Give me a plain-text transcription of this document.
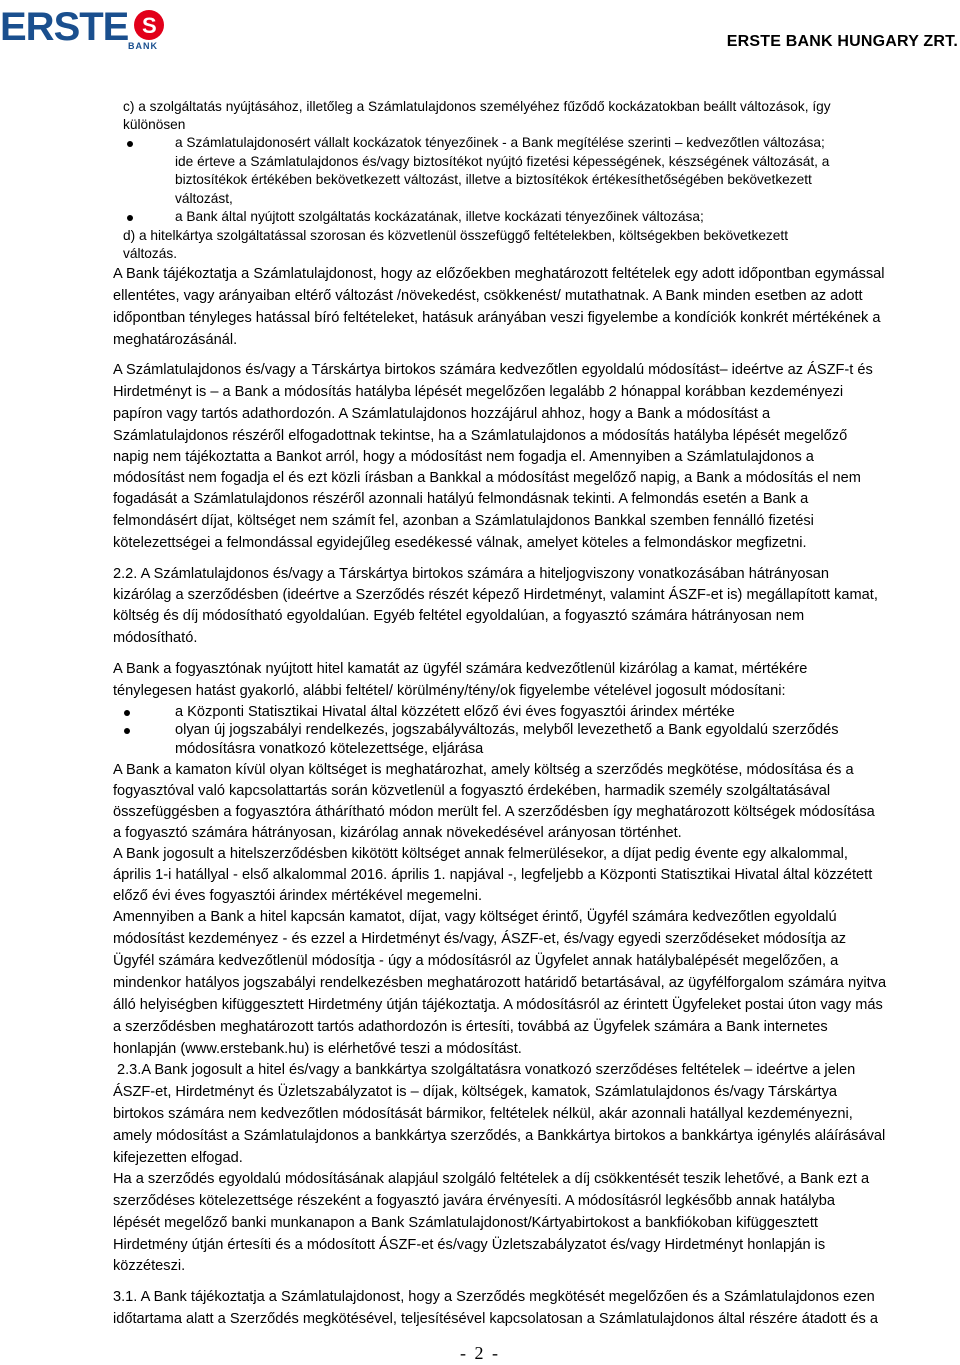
ERSTE S
BANK	ERSTE BANK HUNGARY ZRT.

c) a szolgáltatás nyújtásához, illetőleg a Számlatulajdonos személyéhez fűződő kockázatokban beállt változások, így

különösen

a Számlatulajdonosért vállalt kockázatok tényezőinek - a Bank megítélése szerinti – kedvezőtlen változása;

ide érteve a Számlatulajdonos és/vagy biztosítékot nyújtó fizetési képességének, készségének változását, a

biztosítékok értékében bekövetkezett változást, illetve a biztosítékok értékesíthetőségében bekövetkezett

változást,

a Bank által nyújtott szolgáltatás kockázatának, illetve kockázati tényezőinek változása;

d) a hitelkártya szolgáltatással szorosan és közvetlenül összefüggő feltételekben, költségekben bekövetkezett

változás.

A Bank tájékoztatja a Számlatulajdonost, hogy az előzőekben meghatározott feltételek egy adott időpontban egymással

ellentétes, vagy arányaiban eltérő változást /növekedést, csökkenést/ mutathatnak. A Bank minden esetben az adott

időpontban tényleges hatással bíró feltételeket, hatásuk arányában veszi figyelembe a kondíciók konkrét mértékének a

meghatározásánál.

A Számlatulajdonos és/vagy a Társkártya birtokos számára kedvezőtlen egyoldalú módosítást– ideértve az ÁSZF-t és

Hirdetményt is – a Bank a módosítás hatályba lépését megelőzően legalább 2 hónappal korábban kezdeményezi

papíron vagy tartós adathordozón. A Számlatulajdonos hozzájárul ahhoz, hogy a Bank a módosítást a

Számlatulajdonos részéről elfogadottnak tekintse, ha a Számlatulajdonos a módosítás hatályba lépését megelőző

napig nem tájékoztatta a Bankot arról, hogy a módosítást nem fogadja el. Amennyiben a Számlatulajdonos a

módosítást nem fogadja el és ezt közli írásban a Bankkal a módosítást megelőző napig, a Bank a módosítás el nem

fogadását a Számlatulajdonos részéről azonnali hatályú felmondásnak tekinti. A felmondás esetén a Bank a

felmondásért díjat, költséget nem számít fel, azonban a Számlatulajdonos Bankkal szemben fennálló fizetési

kötelezettségei a felmondással egyidejűleg esedékessé válnak, amelyet köteles a felmondáskor megfizetni.

2.2. A Számlatulajdonos és/vagy a Társkártya birtokos számára a hiteljogviszony vonatkozásában hátrányosan

kizárólag a szerződésben (ideértve a Szerződés részét képező Hirdetményt, valamint ÁSZF-et is) megállapított kamat,

költség és díj módosítható egyoldalúan. Egyéb feltétel egyoldalúan, a fogyasztó számára hátrányosan nem

módosítható.

A Bank a fogyasztónak nyújtott hitel kamatát az ügyfél számára kedvezőtlenül kizárólag a kamat, mértékére

ténylegesen hatást gyakorló, alábbi feltétel/ körülmény/tény/ok figyelembe vételével jogosult módosítani:

a Központi Statisztikai Hivatal által közzétett előző évi éves fogyasztói árindex mértéke

olyan új jogszabályi rendelkezés, jogszabályváltozás, melyből levezethető a Bank egyoldalú szerződés

módosításra vonatkozó kötelezettsége, eljárása

A Bank a kamaton kívül olyan költséget is meghatározhat, amely költség a szerződés megkötése, módosítása és a

fogyasztóval való kapcsolattartás során közvetlenül a fogyasztó érdekében, harmadik személy szolgáltatásával

összefüggésben a fogyasztóra áthárítható módon merült fel. A szerződésben így meghatározott költségek módosítása

a fogyasztó számára hátrányosan, kizárólag annak növekedésével arányosan történhet.

A Bank jogosult a hitelszerződésben kikötött költséget annak felmerülésekor, a díjat pedig évente egy alkalommal,

április 1-i hatállyal - első alkalommal 2016. április 1. napjával -, legfeljebb a Központi Statisztikai Hivatal által közzétett

előző évi éves fogyasztói árindex mértékével megemelni.

Amennyiben a Bank a hitel kapcsán kamatot, díjat, vagy költséget érintő, Ügyfél számára kedvezőtlen egyoldalú

módosítást kezdeményez - és ezzel a Hirdetményt és/vagy, ÁSZF-et, és/vagy egyedi szerződéseket módosítja az

Ügyfél számára kedvezőtlenül módosítja - úgy a módosításról az Ügyfelet annak hatálybalépését megelőzően, a

mindenkor hatályos jogszabályi rendelkezésben meghatározott határidő betartásával, az ügyfélforgalom számára nyitva

álló helyiségben kifüggesztett Hirdetmény útján tájékoztatja. A módosításról az érintett Ügyfeleket postai úton vagy más

a szerződésben meghatározott tartós adathordozón is értesíti, továbbá az Ügyfelek számára a Bank internetes

honlapján (www.erstebank.hu) is elérhetővé teszi a módosítást.

2.3.A Bank jogosult a hitel és/vagy a bankkártya szolgáltatásra vonatkozó szerződéses feltételek – ideértve a jelen

ÁSZF-et, Hirdetményt és Üzletszabályzatot is – díjak, költségek, kamatok, Számlatulajdonos és/vagy Társkártya

birtokos számára nem kedvezőtlen módosítását bármikor, feltételek nélkül, akár azonnali hatállyal kezdeményezni,

amely módosítást a Számlatulajdonos a bankkártya szerződés, a Bankkártya birtokos a bankkártya igénylés aláírásával

kifejezetten elfogad.

Ha a szerződés egyoldalú módosításának alapjául szolgáló feltételek a díj csökkentését teszik lehetővé, a Bank ezt a

szerződéses kötelezettsége részeként a fogyasztó javára érvényesíti. A módosításról legkésőbb annak hatályba

lépését megelőző banki munkanapon a Bank Számlatulajdonost/Kártyabirtokost a bankfiókoban kifüggesztett

Hirdetmény útján értesíti és a módosított ÁSZF-et és/vagy Üzletszabályzatot és/vagy Hirdetményt honlapján is

közzéteszi.

3.1. A Bank tájékoztatja a Számlatulajdonost, hogy a Szerződés megkötését megelőzően és a Számlatulajdonos ezen

időtartama alatt a Szerződés megkötésével, teljesítésével kapcsolatosan a Számlatulajdonos által részére átadott és a

- 2 -
